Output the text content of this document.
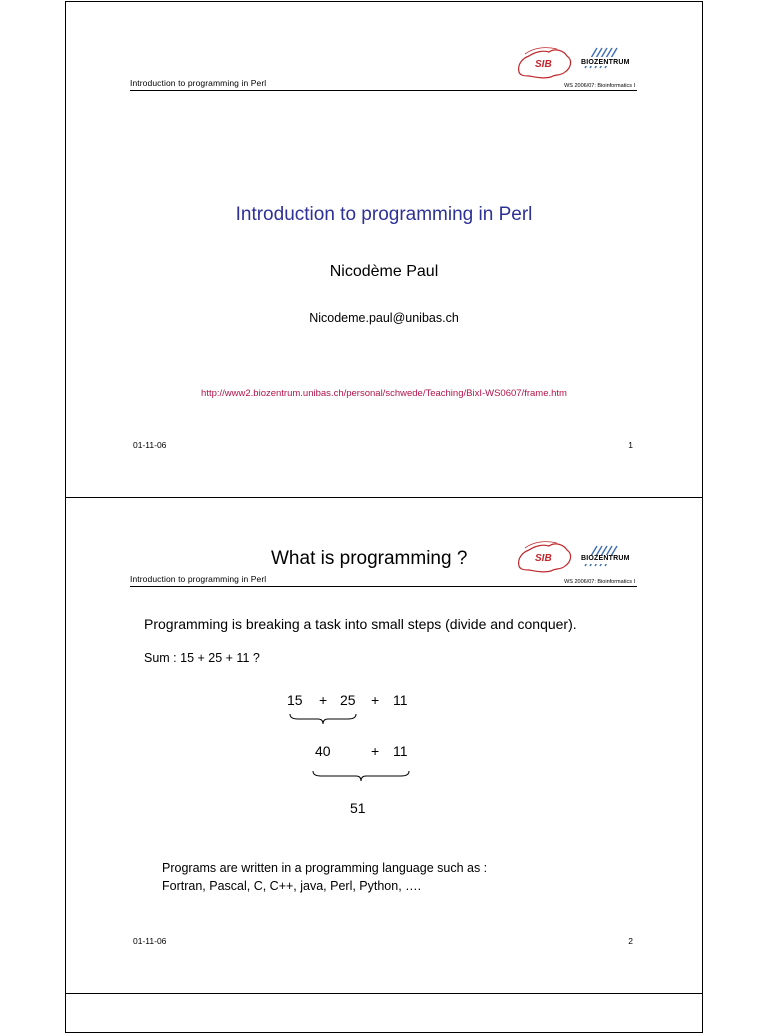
SIB	BIOZENTRUM
Introduction to programming in Perl	WS 2006/07: Bioinformatics I
Introduction to programming in Perl
Nicodème Paul
Nicodeme.paul@unibas.ch
http://www2.biozentrum.unibas.ch/personal/schwede/Teaching/BixI-WS0607/frame.htm
01-11-06	1
What is programming ?	SIB	BIOZENTRUM
Introduction to programming in Perl	WS 2006/07: Bioinformatics I
Programming is breaking a task into small steps (divide and conquer).
Sum : 15 + 25 + 11 ?
15 + 25 + 11
40	+ 11
51
Programs are written in a programming language such as :
Fortran, Pascal, C, C++, java, Perl, Python, ….
01-11-06	2
